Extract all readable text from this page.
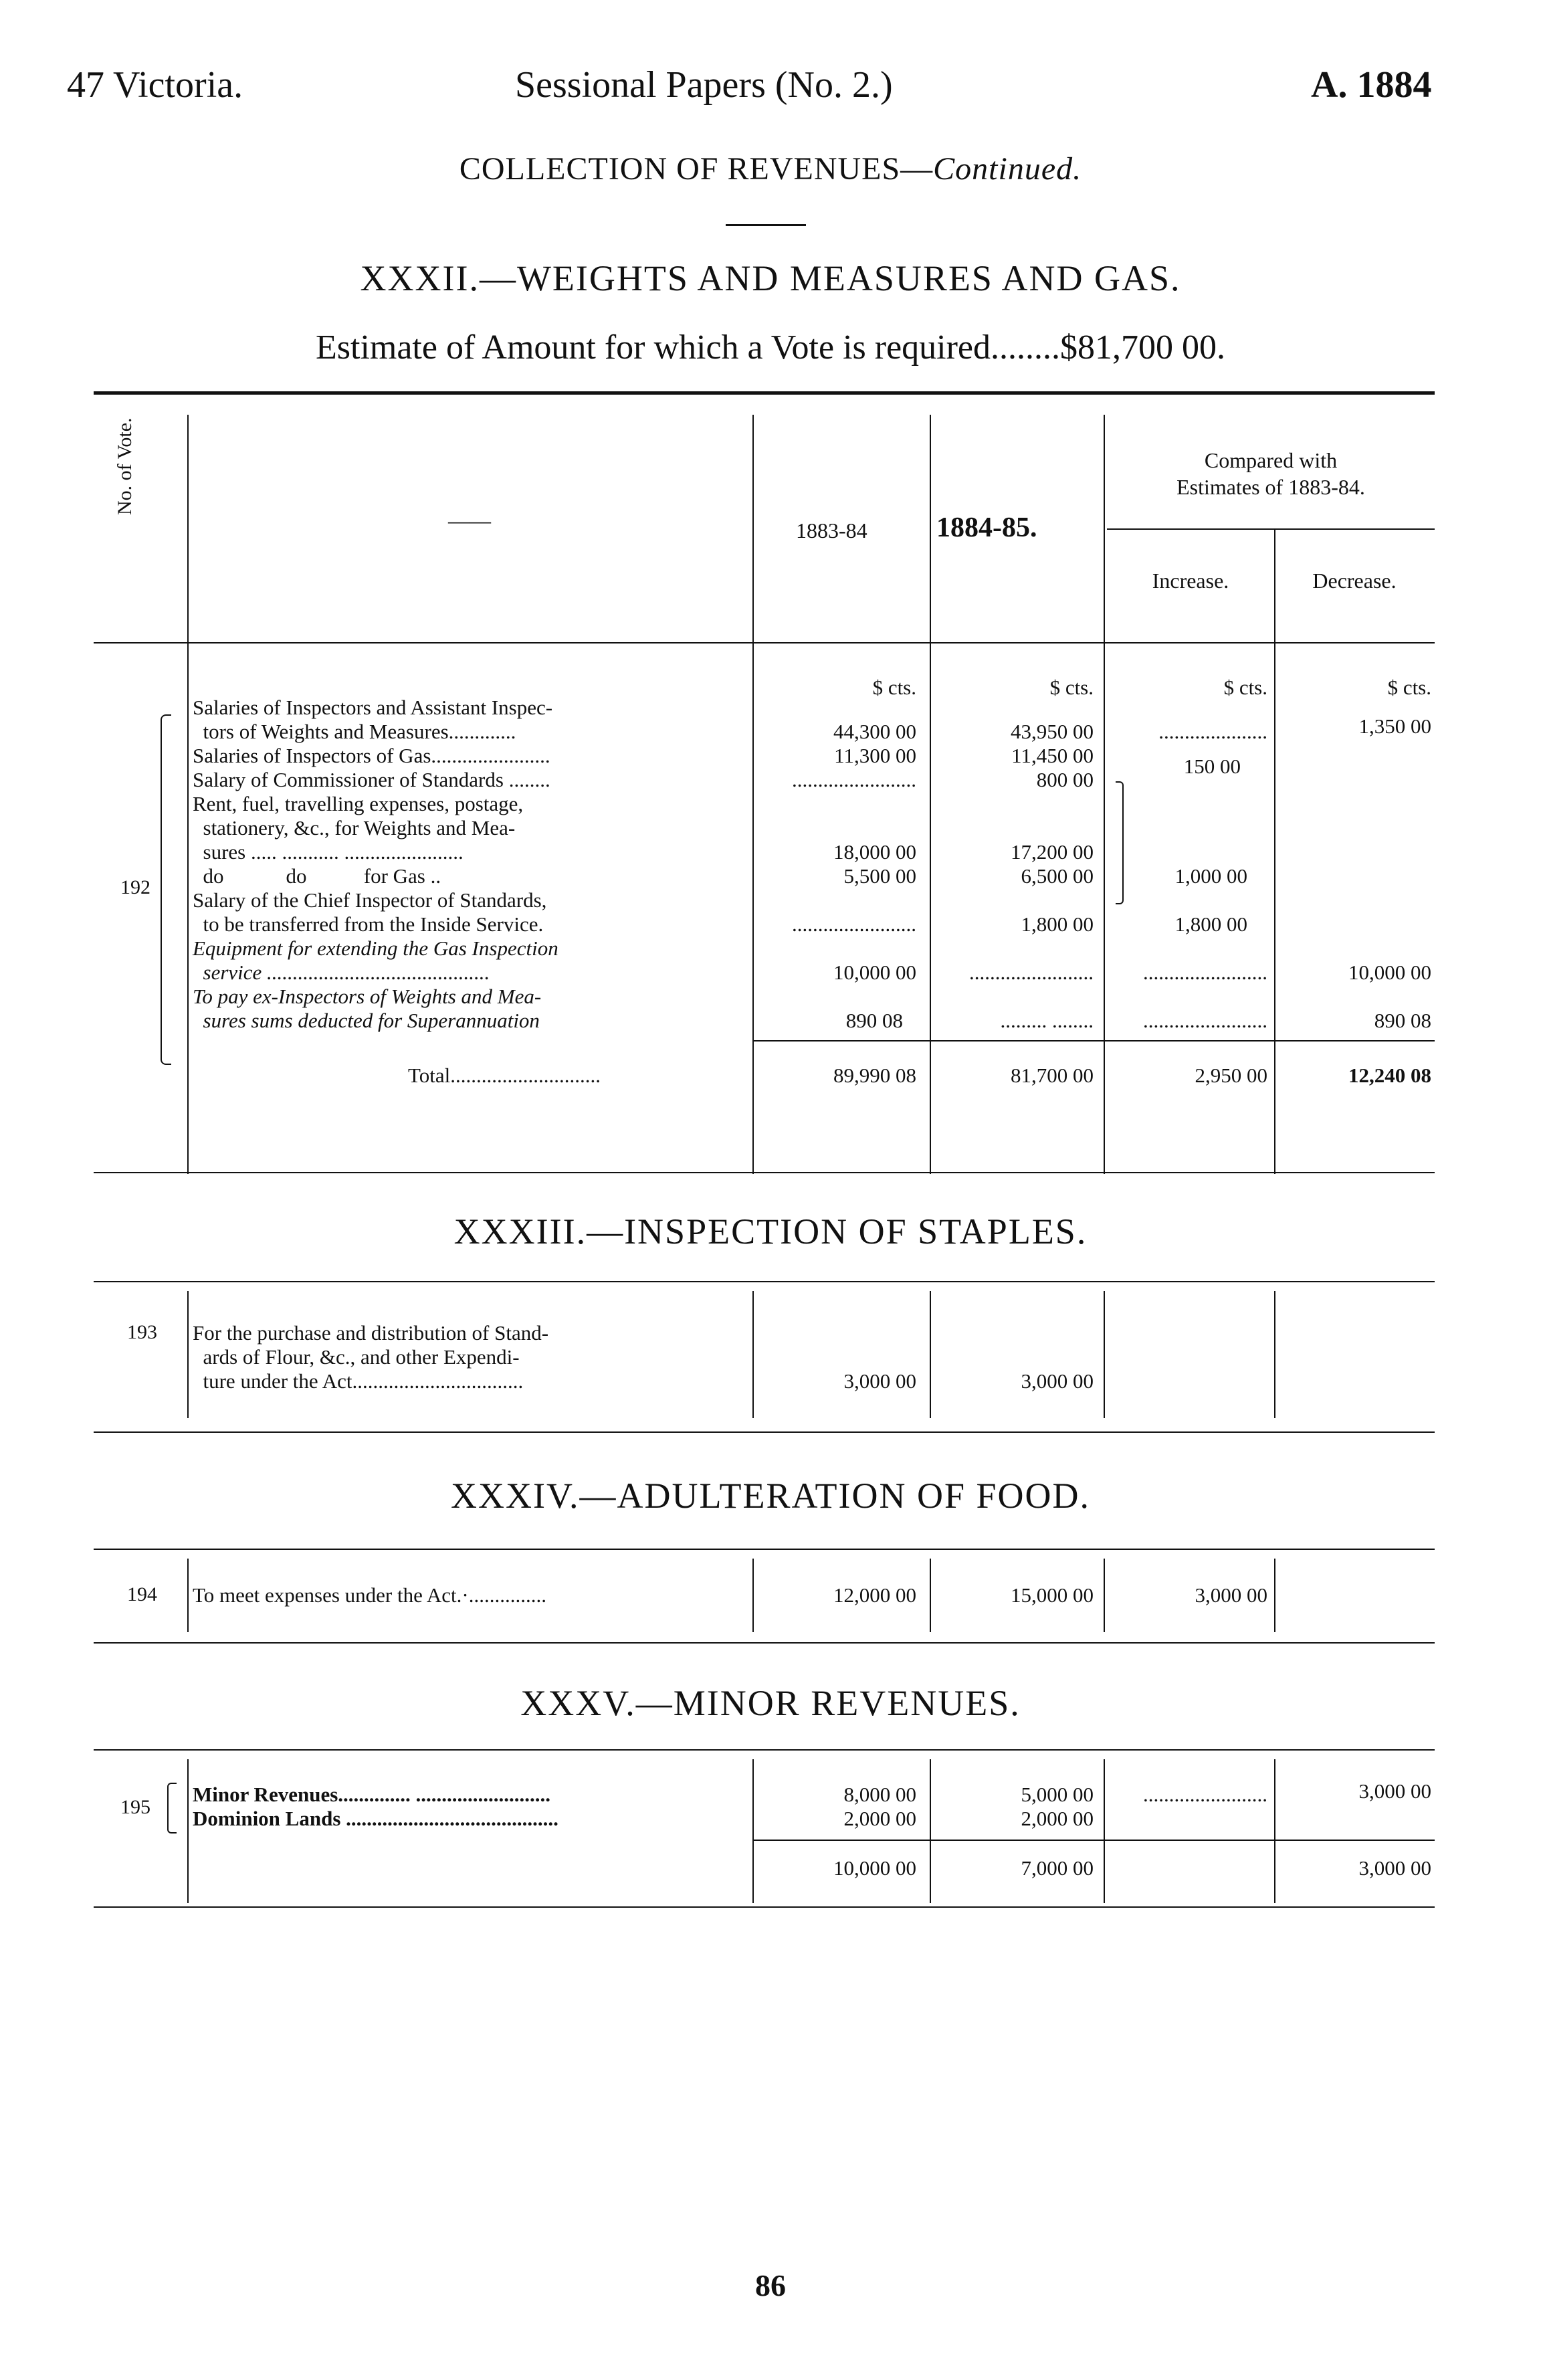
47 Victoria.	Sessional Papers (No. 2.)	A. 1884
COLLECTION OF REVENUES—Continued.
XXXII.—WEIGHTS AND MEASURES AND GAS.
Estimate of Amount for which a Vote is required........$81,700 00.
No. of Vote.
——	1883-84 1884-85.
Compared with
Estimates of 1883-84.
Increase.	Decrease.
$ cts.	$ cts.	$ cts.	$ cts.
192
Salaries of Inspectors and Assistant Inspec-
tors of Weights and Measures.............	44,300 00	43,950 00	.....................	1,350 00
Salaries of Inspectors of Gas.......................	11,300 00	11,450 00	150 00
Salary of Commissioner of Standards ........	........................	800 00
Rent, fuel, travelling expenses, postage,
stationery, &c., for Weights and Mea-
sures ..... ........... .......................	18,000 00	17,200 00
do            do           for Gas ..	5,500 00	6,500 00	1,000 00
Salary of the Chief Inspector of Standards,
to be transferred from the Inside Service.	........................	1,800 00	1,800 00
Equipment for extending the Gas Inspection
service ...........................................	10,000 00	........................	........................	10,000 00
To pay ex-Inspectors of Weights and Mea-
sures sums deducted for Superannuation	890 08	......... ........	........................	890 08
Total.............................	89,990 08	81,700 00	2,950 00	12,240 08
XXXIII.—INSPECTION OF STAPLES.
193 For the purchase and distribution of Stand-
ards of Flour, &c., and other Expendi-
ture under the Act.................................	3,000 00	3,000 00
XXXIV.—ADULTERATION OF FOOD.
194 To meet expenses under the Act.·...............	12,000 00	15,000 00	3,000 00
XXXV.—MINOR REVENUES.
195
Minor Revenues.............. ..........................	8,000 00	5,000 00	........................	3,000 00
Dominion Lands .........................................	2,000 00	2,000 00
10,000 00	7,000 00	3,000 00
86
